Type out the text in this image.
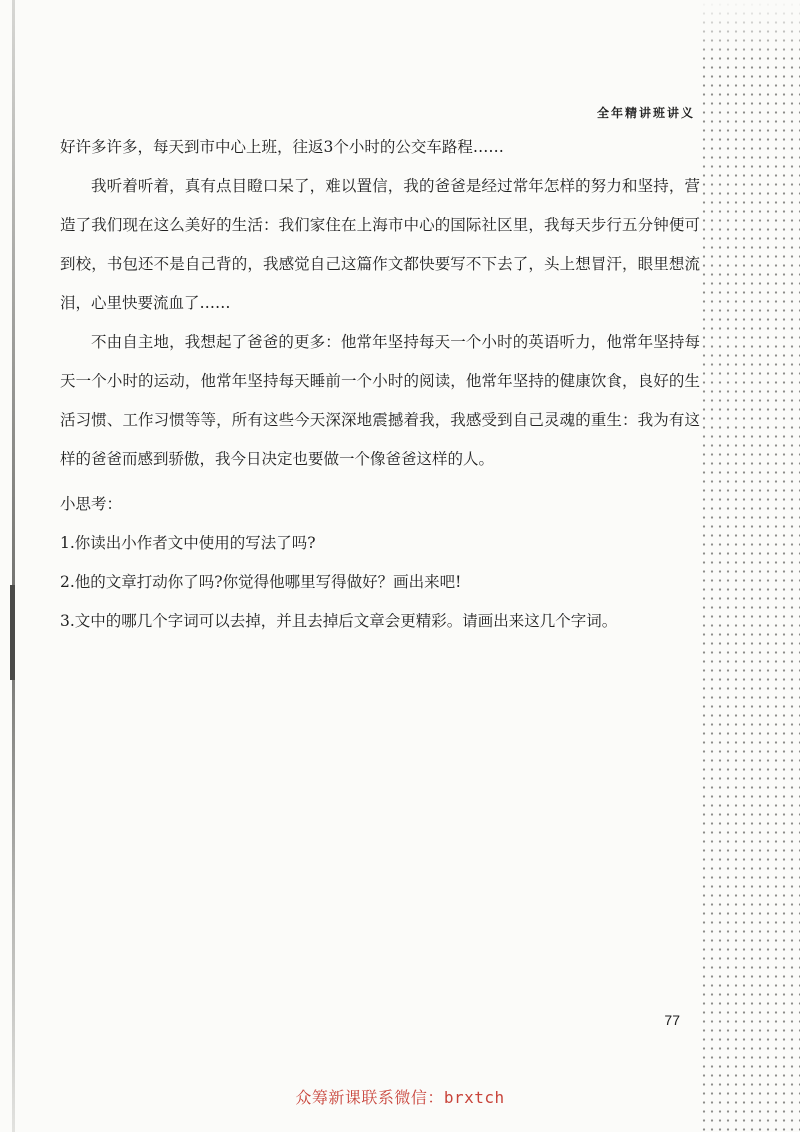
全年精讲班讲义

好许多许多，每天到市中心上班，往返3个小时的公交车路程……

我听着听着，真有点目瞪口呆了，难以置信，我的爸爸是经过常年怎样的努力和坚持，营造了我们现在这么美好的生活：我们家住在上海市中心的国际社区里，我每天步行五分钟便可到校，书包还不是自己背的，我感觉自己这篇作文都快要写不下去了，头上想冒汗，眼里想流泪，心里快要流血了……

不由自主地，我想起了爸爸的更多：他常年坚持每天一个小时的英语听力，他常年坚持每天一个小时的运动，他常年坚持每天睡前一个小时的阅读，他常年坚持的健康饮食，良好的生活习惯、工作习惯等等，所有这些今天深深地震撼着我，我感受到自己灵魂的重生：我为有这样的爸爸而感到骄傲，我今日决定也要做一个像爸爸这样的人。

小思考：

1.你读出小作者文中使用的写法了吗?

2.他的文章打动你了吗?你觉得他哪里写得做好？画出来吧!

3.文中的哪几个字词可以去掉，并且去掉后文章会更精彩。请画出来这几个字词。

77
众筹新课联系微信：brxtch
